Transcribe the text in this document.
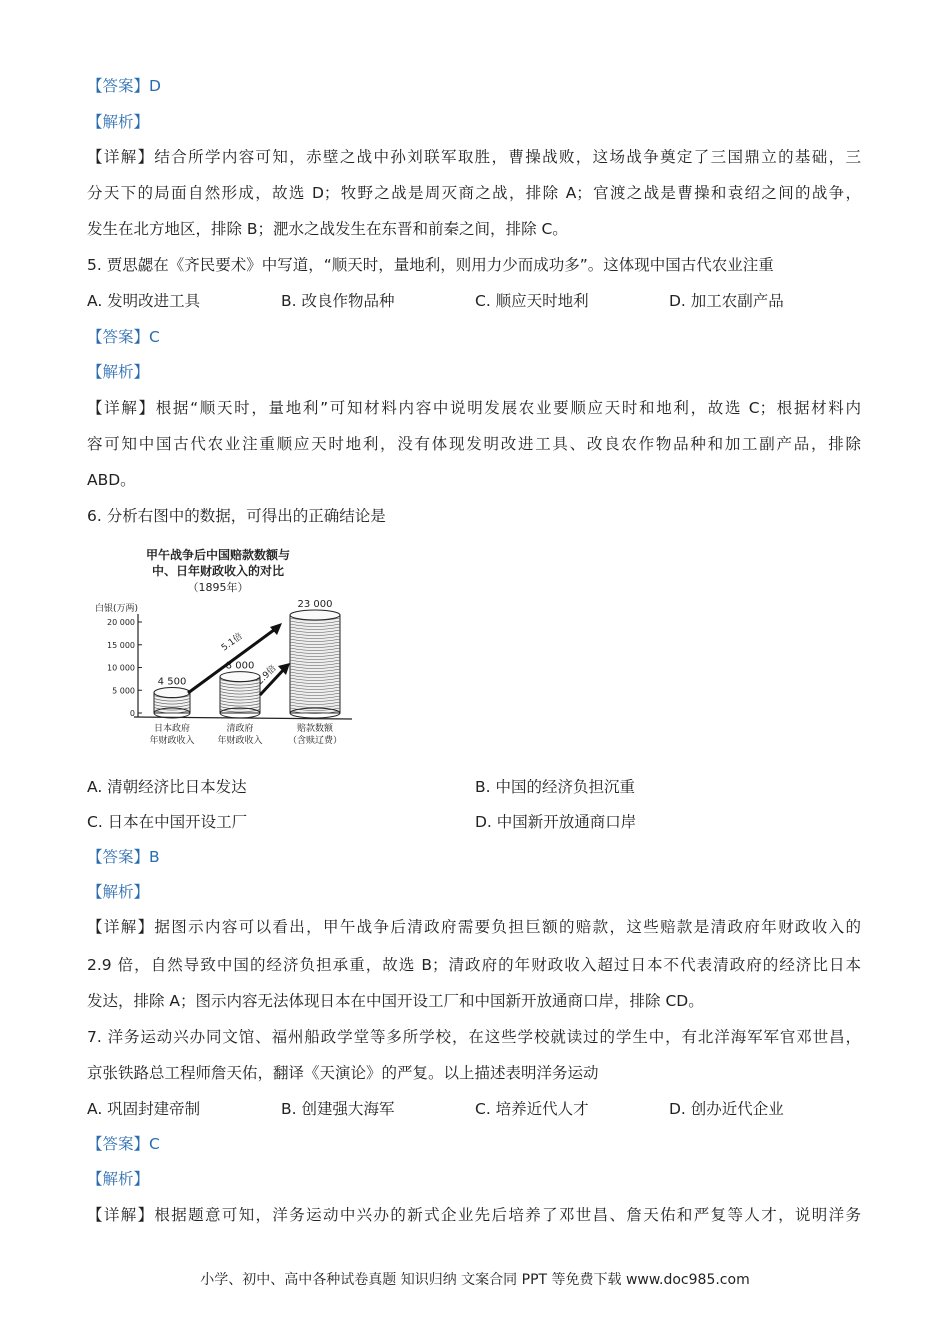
【答案】D
【解析】
【详解】结合所学内容可知，赤壁之战中孙刘联军取胜，曹操战败，这场战争奠定了三国鼎立的基础，三
分天下的局面自然形成，故选 D；牧野之战是周灭商之战，排除 A；官渡之战是曹操和袁绍之间的战争，
发生在北方地区，排除 B；淝水之战发生在东晋和前秦之间，排除 C。
5. 贾思勰在《齐民要术》中写道，“顺天时，量地利，则用力少而成功多”。这体现中国古代农业注重
A. 发明改进工具	B. 改良作物品种	C. 顺应天时地利	D. 加工农副产品
【答案】C
【解析】
【详解】根据“顺天时，量地利”可知材料内容中说明发展农业要顺应天时和地利，故选 C；根据材料内
容可知中国古代农业注重顺应天时地利，没有体现发明改进工具、改良农作物品种和加工副产品，排除
ABD。
6. 分析右图中的数据，可得出的正确结论是
甲午战争后中国赔款数额与
中、日年财政收入的对比
（1895年）
白银(万两)
20 000
15 000
10 000
5 000
0
4 500
日本政府
年财政收入
8 000
清政府
年财政收入
23 000
赔款数额
（含赎辽费）
5.1倍
2.9倍
A. 清朝经济比日本发达	B. 中国的经济负担沉重
C. 日本在中国开设工厂	D. 中国新开放通商口岸
【答案】B
【解析】
【详解】据图示内容可以看出，甲午战争后清政府需要负担巨额的赔款，这些赔款是清政府年财政收入的
2.9 倍，自然导致中国的经济负担承重，故选 B；清政府的年财政收入超过日本不代表清政府的经济比日本
发达，排除 A；图示内容无法体现日本在中国开设工厂和中国新开放通商口岸，排除 CD。
7. 洋务运动兴办同文馆、福州船政学堂等多所学校，在这些学校就读过的学生中，有北洋海军军官邓世昌，
京张铁路总工程师詹天佑，翻译《天演论》的严复。以上描述表明洋务运动
A. 巩固封建帝制	B. 创建强大海军	C. 培养近代人才	D. 创办近代企业
【答案】C
【解析】
【详解】根据题意可知，洋务运动中兴办的新式企业先后培养了邓世昌、詹天佑和严复等人才，说明洋务
小学、初中、高中各种试卷真题 知识归纳 文案合同 PPT 等免费下载 www.doc985.com
